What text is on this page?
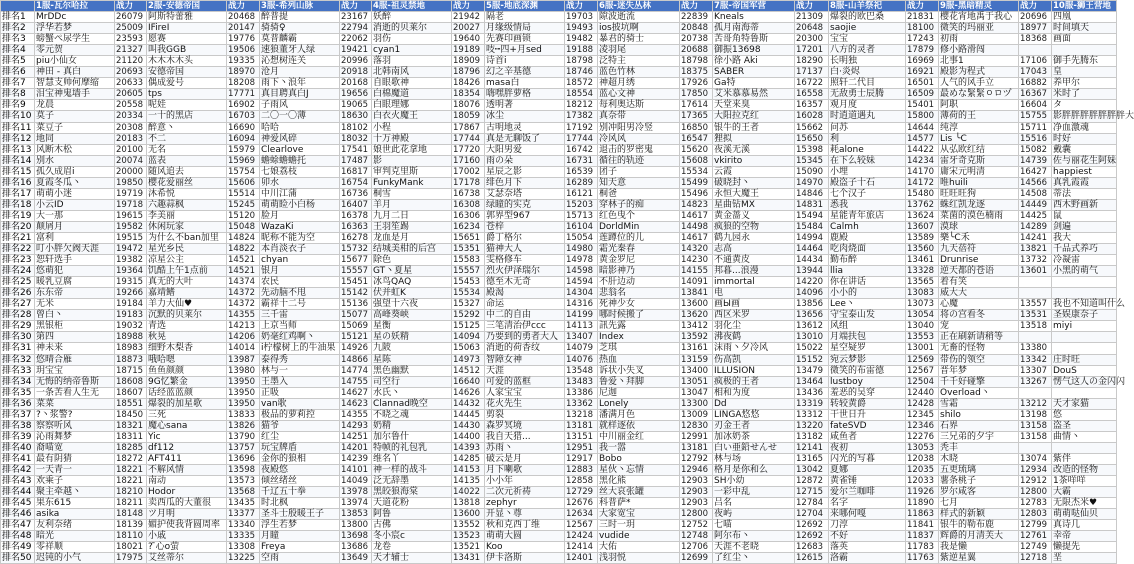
	1服-瓦尔哈拉	战力	2服-安德帝国	战力	3服-希列山脉	战力	4服-祖灵禁地	战力	5服-地底深渊	战力	6服-迷失丛林	战力	7服-帝国军营	战力	8服-山羊祭祀	战力	9服-黑暗精灵	战力	10服-狮王营地
排名1	MrDDc	26079	阿斯特蕾雅	20468	醉普提	23167	妖醉	21942	隔老	19703	隙波逝流	22839	Kneals	21309	爆裂的欧巴桑	21831	樱花宵地禹于我心	20696	四凰
排名2	浮华若梦	25009	IFireI	20147	骑骑♀	22794	消逝的贝莱尔	20027	月缘级情局	19493	ios披坑啊	20848	孤月南海蒂	20648	saojie	18100	微笑的玛丽亚	18977	时间填天
排名3	螃蟹ぺ尿学生	23593	愿赛	19776	莫普麟霸	22062	羽伤	19640	先赛印画锁	19482	暴君的骑士	20738	苦哥角特鲁斯	20300	宝宝	17243	初雨	18368	画面
排名4	零元贺	21327	叫我GGB	19506	速狼董牙人绿	19421	cyan1	19189	吱┉四+月sed	19188	凌羽尾	20688	御振13698	17201	八方的灵者	17879	修小路滑闯		
排名5	piu小仙女	21120	木木木木头	19335	沁想树连关	20996	落羽	18909	诗首i	18798	泛特主	18798	徐小路 Aki	18290	长明独	16969	北事1	17106	御手先腾东
排名6	神田 - 真白	20693	安德帝国	18970	沧月	20918	北韩南风	18796	幻之辛基德	18746	蓝色竹林	18375	SABER	17137	白·炎烬	16921	殿影为程式	17043	皇
排名7	智慧支帅何摩缩	20633	偶成爱号	18208	雨下丶浪年	20168	自眼歌神	18426	masa白	18572	神超月绣	17926	Ga特	16722	照轩二代目	16501	人气的风手立	16882	养甲尔
排名8	泪宝神鬼墙手	20605	tps	17771	真目聘真白J	19656	白棉魔道	18354	嗨嘿胖萝格	18554	蓝心文神	17850	艾米慕慕易然	16558	无敌勇士辰腾	16509	最めな緊緊ㅇロヅ	16367	米时了
排名9	龙晨	20558	呢娃	16902	子雨风	19065	白眼理娜	18076	透明著	18212	每利奥达斯	17614	天堂来臭	16357	观月度	15401	阿职	16604	タ
排名10	莫子	20334	一十的黑店	16703	二〇一〇薄	18630	白衣火魔王	18059	冰尘	17382	真奈带	17365	大阳拉克红	16028	时逍道遇丸	15800	薄荷的王	15755	影胖胖胖胖胖胖胖大
排名11	菜豆子	20308	醉意丶	16690	哈哈	18102	小程	17867	古明地灵	17192	别冲阳男冷竖	16850	银牛的王者	15662	问苏	14644	纯淳	15711	净血激魂
排名12	地同	20183	不二	16094	神爱风碎	18032	十万神殿	17744	真是无聊饭了	17744	冷风风	16547	狸拟	15650	利	14577	Lis ╰C	15516	时好
排名13	风断木松	20100	无名	15979	Clearlove	17541	娘世此花拿地	17720	大阳男爱	16742	退击的罗密鬼	15620	夜溪无溪	15398	耗alone	14422	从弘欧红结	15082	戴囊
排名14	别水	20074	蓝表	15969	蟾蜍蟾蟾托	17487	影	17160	雨の朵	16731	循往的轨迹	15608	vkirito	15345	在下么较妹	14234	雷牙奇克斯	14739	佐与丽花生阿妹
排名15	孤久成眉i	20000	随风追去	15754	七娘荔枝	16817	审判克里斯	17002	星辰之影	16539	团子	15534	云霞	15090	小埋	14170	庸宋元明清	16427	happiest
排名16	夏霞冬瓜丶	19850	樱花爱丽丝	15606	卯水	16754	FunkyMank	17178	绯色月下	16289	知天意	15499	破晓封丶	14970	殿盗子十石	14172	唯huili	14566	真乳霞霞
排名17	萌萌小迷	19719	沐希悦	15514	中川江蒲	16736	桐雪	16738	艾瑟奈塔	16121	桐爸	15496	永恒大魔王	14846	七个汉子	15480	旺旺旺狗	14508	蒂法
排名18	小云ID	19718	六趣蒜枫	15245	萌萌睑小白杨	16407	羊月	16308	绿瞳的实克	15203	穿林子的痴	14823	星曲钻MX	14831	悉我	13762	蛛红凯龙逐	14449	西木野画新
排名19	大一那	19615	李美丽	15120	脸月	16378	九月二日	16306	郭界型967	15713	红色曳个	14617	黄金蔷义	15494	星能青年旅店	13624	菜菌的漠色楠雨	14425	鼠
排名20	颠屑月	19582	休闲玩家	15048	WazaKi	16363	王羽笙踢	16234	苍梓	16104	DorldMin	14498	疯狼的空物	15484	Calmh	13607	漠球	14289	剑遍
排名21	富利	19515	为什么不ban加里	14824	昵称不能为空	16278	龙血是月	15651	爵丁格尔	15054	莲蹲位的儿	14617	鹤九园永	14994	鹿殿	13589	樂╰C禾	14241	我大
排名22	叮小胖欠阀天涯	19472	星光乡民	14822	本肖淡衣子	15732	结城美柑的后宫	15351	猫神大人	14980	霜光秦春	14320	志高	14464	吃肉烧面	13560	九天蓓符	13821	千品式养巧
排名23	恕轩选手	19382	凉星公主	14521	chyan	15677	除色	15583	雯格修车	14978	黄金罗尼	14230	不通黄皮	14434	勤布醉	13461	Drunrise	13732	冷凝雷
排名24	悠萌犯	19364	饥酷上午1点前	14521	银月	15557	GT丶夏星	15557	烈火伊泽瑞尔	14598	暗影神乃	14155	邦暮...浪漫	13944	llia	13328	逆天都的苍语	13601	小黑的萌气
排名25	暖乳豆腐	19315	真无的大叶	14374	农民	15451	冰鸟QAQ	15453	德至木无奇	14594	不肝边动	14091	immortal	14220	你在讲话	13565	着有笑		
排名26	东东帝	19266	嘉靖鳍	14372	先动脑不甩	15142	伏并虹K	15534	殿渴	14304	悲翁名	13841	电	14096	小小的	13083	威大大		
排名27	无米	19184	羊力大仙♥	14372	霸祥十二号	15136	强望十六夜	15327	命运	14316	死神少女	13600	画Ы画	13856	Lee丶	13073	心魔	13557	我也不知道叫什么
排名28	曾白丶	19183	沉默的贝莱尔	14355	三千雷	15077	高峰葵峡	15292	中二的自由	14199	哪时候搬了	13620	西区米罗	13656	守宝泰山发	13054	将の宫看冬	13531	圣娱康奈子
排名29	黑银柜	19032	青选	14213	上京当师	15069	星衡	15125	三笔清治伊ccc	14113	訊先露	13412	羽化尘	13612	风组	13040	宠	13518	miyi
排名30	第四	18988	秋晃	14206	奶毫红鸡啊丶	15121	星の妖精	14094	乃要到的勇者大人	13407	Index	13592	沸夜鹤	13010	月端扶包	13553	正在刷新请稍等		
排名31	神未来	18983	细野木梨香	14014	i柠檬树上的牛油果	14926	九陂	15063	消逝的荷香纹	14079	芝琪	13161	沫雨丶夕冷风	15022	星空疑罗	13001	无畜的怪物	13380	
排名32	悠晴合雁	18873	哦哈嗯	13987	泰得秀	14866	星陈	14973	智障女神	14076	热血	13159	伤高凯	15152	宛云梦影	12569	带伤的领空	13342	庄时旺
排名33	玥宝宝	18715	鱼鱼颜颜	13980	林与一	14774	黑色幽默	14512	天涯	13548	诉状小失叉	13400	ILLUSION	13479	微笑的布雷德	12567	晋年梦	13307	DouS
排名34	无悔的纳帝鲁斯	18608	9G忆繁金	13950	王墨入	14755	司空行	16640	可爱的蓝框	13483	鲁爱丶拜脚	13051	疯极的王者	13464	lustboy	12504	千千好碰擎	13267	愣气这人の金闪闪
排名35	一条苦看人生无	18607	话经蓝蓝颜	13950	正吸	14627	水氏丶	14626	人家宝宝	13386	尼迦	13047	相和为度	13436	羞恶的吴穿	12440	Overload丶		
排名36	菜菜	18551	爆裂的加星歌	13950	van歌	14623	Clannad晚空	14432	花火先生	13362	Lonely	13300	Dd	13319	转较黄爵	12428	雪霜	13212	天才家猫
排名37	?丶浆警?	18450	三死	13833	极品的萝莉控	14355	不晓之魂	14445	剪裂	13218	潘满月色	13009	LINGA悠悠	13312	干世日升	12345	shilo	13198	悠
排名38	察察听风	18321	魔心sana	13826	猫爷	14293	奶精	14430	森罗冥境	13181	就样逐依	12830	刃金王者	13220	fateSVD	12346	石界	13158	盗圣
排名39	沁雨舞梦	18311	Yic	13790	红尘	14251	加尔鲁什	14400	我自天猎...	13151	中川丽金红	12991	加冰奶茶	13182	咸鱼者	12276	三兄弟的夕宇	13158	曲情丶
排名40	裔喵宽	18285	df112	13757	玩宝牌盾	14201	特帧的礼包乳	14393	苏雨丶	12951	我一嚣	13181	白い亜鉛せんせ	12141	夜初	13053	秃丰		
排名41	最有阴猜	18272	AFT411	13696	金你的狼相	14239	维名丫	14285	破云是月	12917	Bobo	12792	林与场	13165	闪光的写暮	12038	木晓	13074	紫伴
排名42	一天青一	18221	不解风情	13598	夜殿悠	14101	神一样的战斗	14153	月下喇歌	12883	星伙丶忘情	12946	格月是你和么	13042	夏娜	12035	五更琉璃	12934	改造的怪物
排名43	欢乘子	18221	南动	13573	倾丝绪丝	14049	泛无辞墨	14135	小小年	12858	黑化熊	12903	SH小幼	12872	黄雀锤	12033	薯条桃子	12912	1茶咩咩
排名44	聚主牵越丶	18210	Hodor	13568	千辽五十拳	13978	黑皎狼海棠	14022	二次元祈祷	12729	丝大哀张罐	12903	一彩中乱	12715	爱尔兰咖啡	11926	罗尔咸客	12800	大霸
排名45	果东615	18211	卖西瓜的大董很	13435	时北枫	13974	天道花粉	13818	zephyr	12676	科普萨*	12903	吕名	12784	名字	11890	七月	12783	无限杰米♥
排名46	asika	18148	ツ月明	13377	圣斗士殷暖王子	13853	阿鲁	13600	开显丶尊	12634	大家宽宝	12800	夜屿	12704	来哪何嘎	11863	样式的新颖	12803	萌萌哒仙贝
排名47	友利奈绪	18139	媚护使我背圆周率	13340	浮生若梦	13800	古佛	13552	秋和克西丁维	12567	三时一玥	12752	七喵	12692	刀淳	11841	银牛的勒布鹿	12799	真诗几
排名48	暗光	18110	小戚	13335	月瞳	13698	冬小宸c	13523	萌萌大圆	12424	vudide	12748	阿尔布丶	12692	不好	11837	辉爵的月清芙大	12761	幸帝
排名49	零祥顺	18021	? ̄心o萤	13308	Freya	13686	龙卷	13521	Koo	12414	大佑	12706	天涯不老晓	12683	落英	11783	我是懒	12749	懒提先
排名50	迟钝的小气	17975	艾丝蒂尔	13225	空雨	13649	天才辅士	13431	伊卡洛斯	12401	浅羽悦	12699	了红尘丶	12615	洛霸	11763	紫逆星翼	12718	垩
